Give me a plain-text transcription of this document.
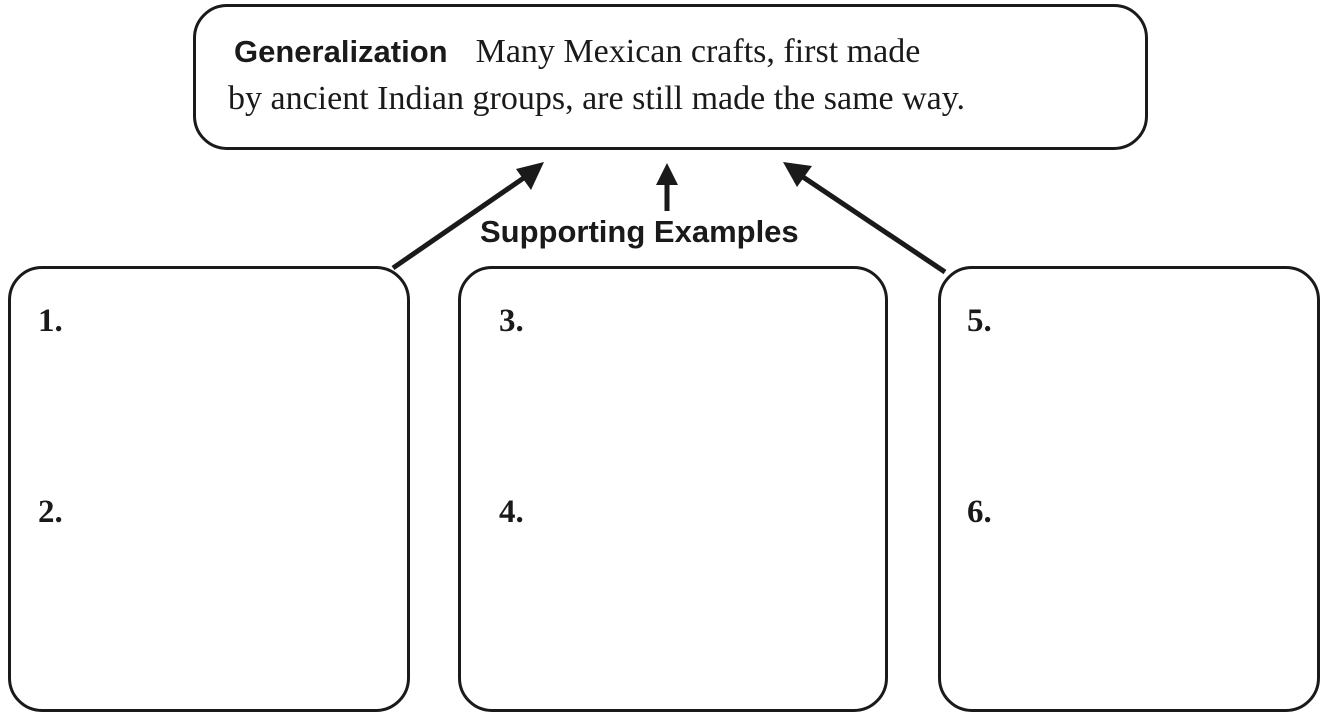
Generalization Many Mexican crafts, first made
by ancient Indian groups, are still made the same way.
Supporting Examples
1.
2.
3.
4.
5.
6.
